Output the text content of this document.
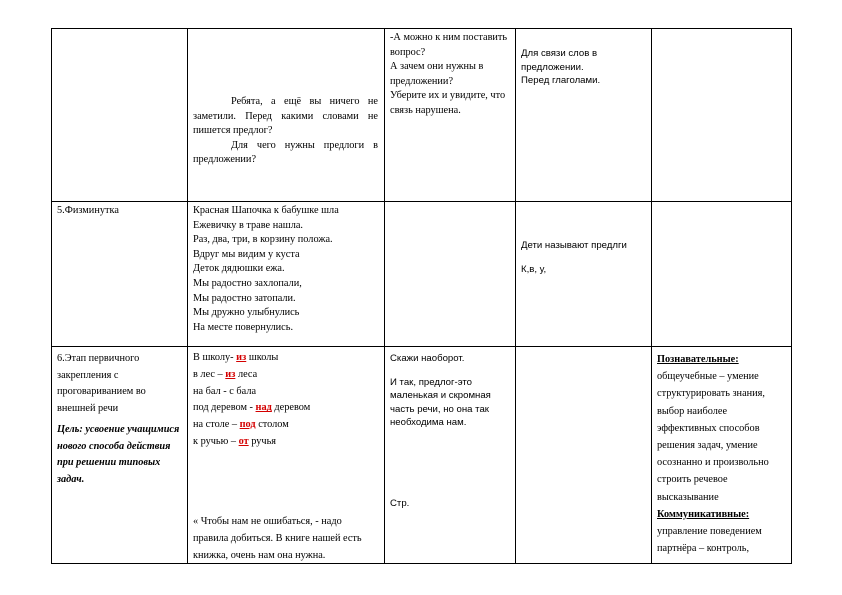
Ребята, а ещё вы ничего не заметили. Перед какими словами не пишется предлог?

Для чего нужны предлоги в предложении?

-А можно к ним поставить вопрос?

А зачем они нужны в предложении?

Уберите их и увидите, что связь нарушена.

Для связи слов в предложении.

Перед глаголами.

5.Физминутка	Красная Шапочка к бабушке шла

Ежевичку в траве нашла.

Раз, два, три, в корзину положа.

Вдруг мы видим у куста

Деток дядюшки ежа.

Мы радостно захлопали,

Мы радостно затопали.

Мы дружно улыбнулись

На месте повернулись.

Дети называют предлги

К,в, у,

6.Этап первичного закрепления с проговариванием во внешней речи

Цель: усвоение учащимися нового способа действия при решении типовых задач.

В школу- из школы

в лес – из леса

на бал - с бала

под деревом - над деревом

на столе – под столом

к ручью – от ручья

« Чтобы нам не ошибаться, - надо правила добиться. В книге нашей есть книжка, очень нам она нужна.

Скажи наоборот.

И так, предлог-это маленькая и скромная часть речи, но она так необходима нам.

Стр.

Познавательные:

общеучебные – умение структурировать знания, выбор наиболее эффективных способов решения задач, умение осознанно и произвольно строить речевое высказывание

Коммуникативные:

управление поведением партнёра – контроль,
